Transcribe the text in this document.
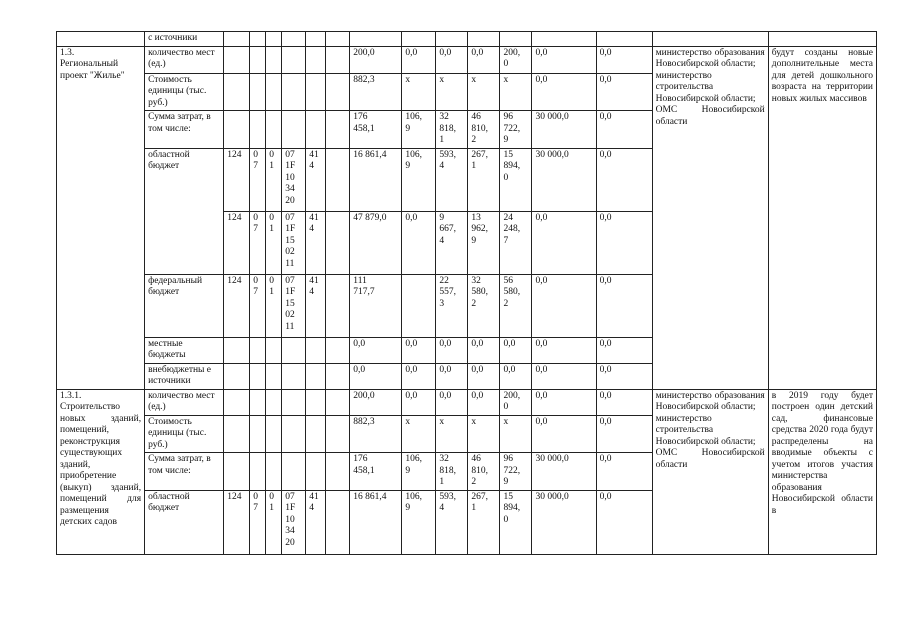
	с источники															
1.3.
Региональный проект "Жилье"	количество мест (ед.)							200,0	0,0	0,0	0,0	200,
0	0,0	0,0	министерство образования Новосибирской области;
министерство строительства Новосибирской области;
ОМС Новосибирской области	будут созданы новые дополнительные места для детей дошкольного возраста на территории новых жилых массивов
	Стоимость единицы (тыс. руб.)							882,3	х	х	х	х	0,0	0,0		
	Сумма затрат, в том числе:							176
458,1	106,
9	32
818,
1	46
810,
2	96
722,
9	30 000,0	0,0		
	областной бюджет	124	0
7	0
1	07
1F
10
34
20	41
4		16 861,4	106,
9	593,
4	267,
1	15
894,
0	30 000,0	0,0		
		124	0
7	0
1	07
1F
15
02
11	41
4		47 879,0	0,0	9
667,
4	13
962,
9	24
248,
7	0,0	0,0		
	федеральный бюджет	124	0
7	0
1	07
1F
15
02
11	41
4		111
717,7		22
557,
3	32
580,
2	56
580,
2	0,0	0,0		
	местные бюджеты							0,0	0,0	0,0	0,0	0,0	0,0	0,0		
	внебюджетны е источники							0,0	0,0	0,0	0,0	0,0	0,0	0,0		
1.3.1.
Строительство новых зданий, помещений, реконструкция существующих зданий, приобретение (выкуп) зданий, помещений для размещения детских садов	количество мест (ед.)							200,0	0,0	0,0	0,0	200,
0	0,0	0,0	министерство образования Новосибирской области;
министерство строительства Новосибирской области;
ОМС Новосибирской области	в 2019 году будет построен один детский сад, финансовые средства 2020 года будут распределены на вводимые объекты с учетом итогов участия министерства образования Новосибирской области в
	Стоимость единицы (тыс. руб.)							882,3	х	х	х	х	0,0	0,0		
	Сумма затрат, в том числе:							176
458,1	106,
9	32
818,
1	46
810,
2	96
722,
9	30 000,0	0,0		
	областной бюджет	124	0
7	0
1	07
1F
10
34
20	41
4		16 861,4	106,
9	593,
4	267,
1	15
894,
0	30 000,0	0,0		
